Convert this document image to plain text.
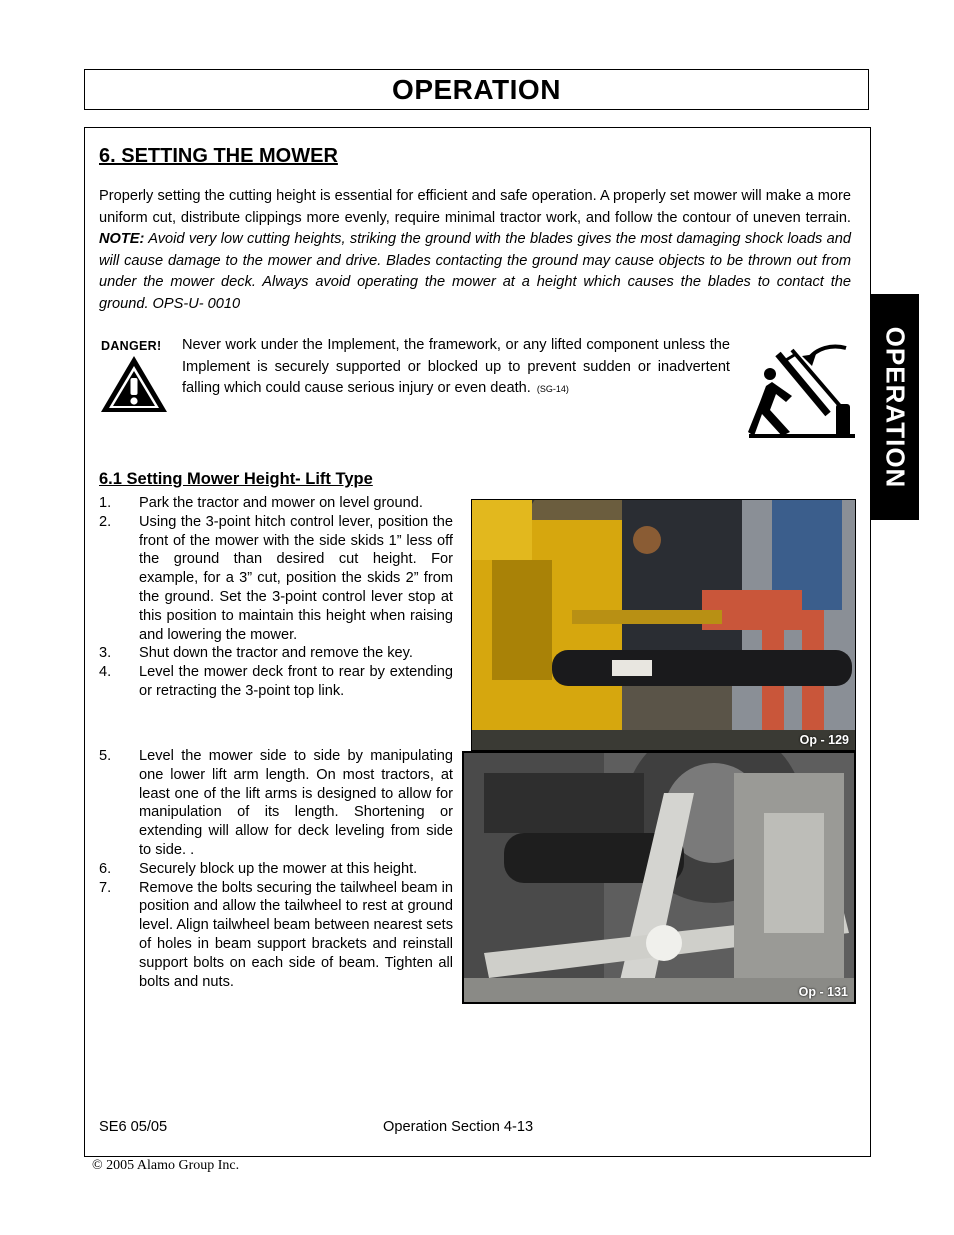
OPERATION
OPERATION
6. SETTING THE MOWER

Properly setting the cutting height is essential for efficient and safe operation. A properly set mower will make a more uniform cut, distribute clippings more evenly, require minimal tractor work, and follow the contour of uneven terrain. NOTE: Avoid very low cutting heights, striking the ground with the blades gives the most damaging shock loads and will cause damage to the mower and drive. Blades contacting the ground may cause objects to be thrown out from under the mower deck. Always avoid operating the mower at a height which causes the blades to contact the ground. OPS-U- 0010

DANGER! Never work under the Implement, the framework, or any lifted component unless the Implement is securely supported or blocked up to prevent sudden or inadvertent falling which could cause serious injury or even death. (SG-14)

6.1 Setting Mower Height- Lift Type
1.	Park the tractor and mower on level ground.
2.	Using the 3-point hitch control lever, position the front of the mower with the side skids 1” less off the ground than desired cut height. For example, for a 3” cut, position the skids 2” from the ground. Set the 3-point control lever stop at this position to maintain this height when raising and lowering the mower.
3.	Shut down the tractor and remove the key.
4.	Level the mower deck front to rear by extending or retracting the 3-point top link.
5.	Level the mower side to side by manipulating one lower lift arm length. On most tractors, at least one of the lift arms is designed to allow for manipulation of its length. Shortening or extending will allow for deck leveling from side to side. .
6.	Securely block up the mower at this height.
7.	Remove the bolts securing the tailwheel beam in position and allow the tailwheel to rest at ground level. Align tailwheel beam between nearest sets of holes in beam support brackets and reinstall support bolts on each side of beam. Tighten all bolts and nuts.
Op - 129
Op - 131
SE6 05/05	Operation Section 4-13
© 2005 Alamo Group Inc.
